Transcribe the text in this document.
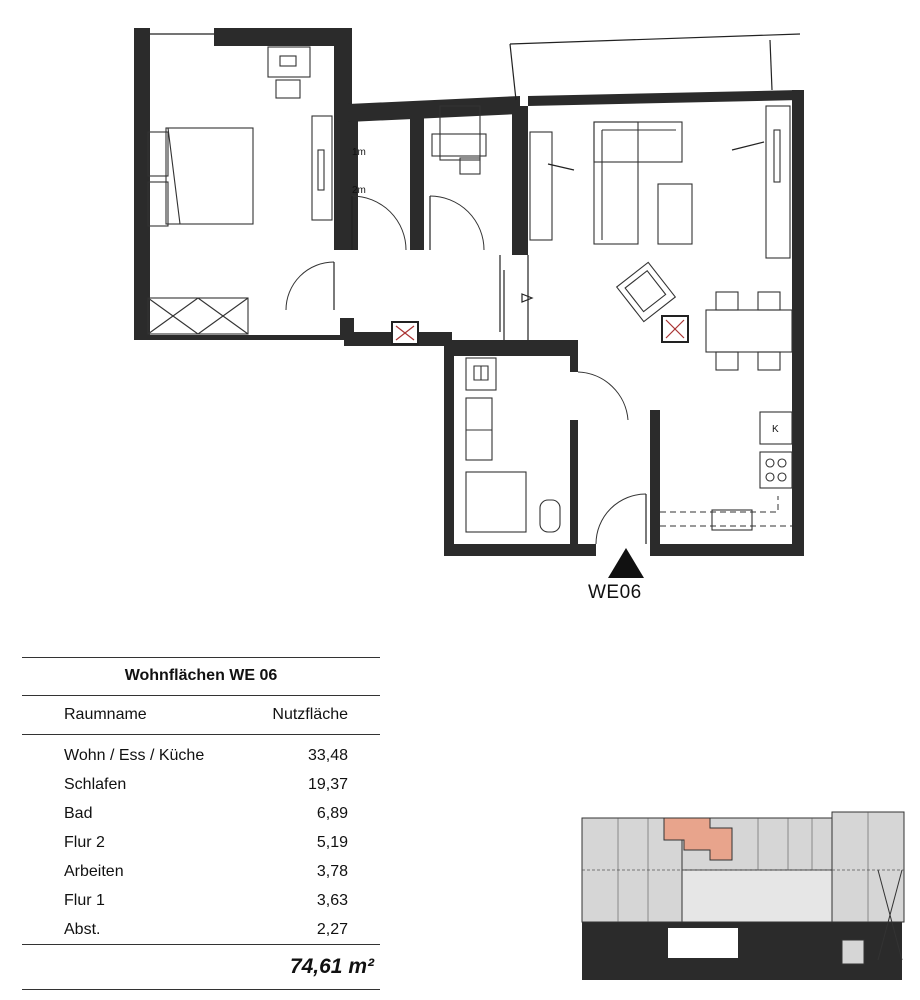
1m
2m
K
WE06
Wohnflächen WE 06
Raumname	Nutzfläche
Wohn / Ess / Küche	33,48
Schlafen	19,37
Bad	6,89
Flur 2	5,19
Arbeiten	3,78
Flur 1	3,63
Abst.	2,27
74,61 m²
